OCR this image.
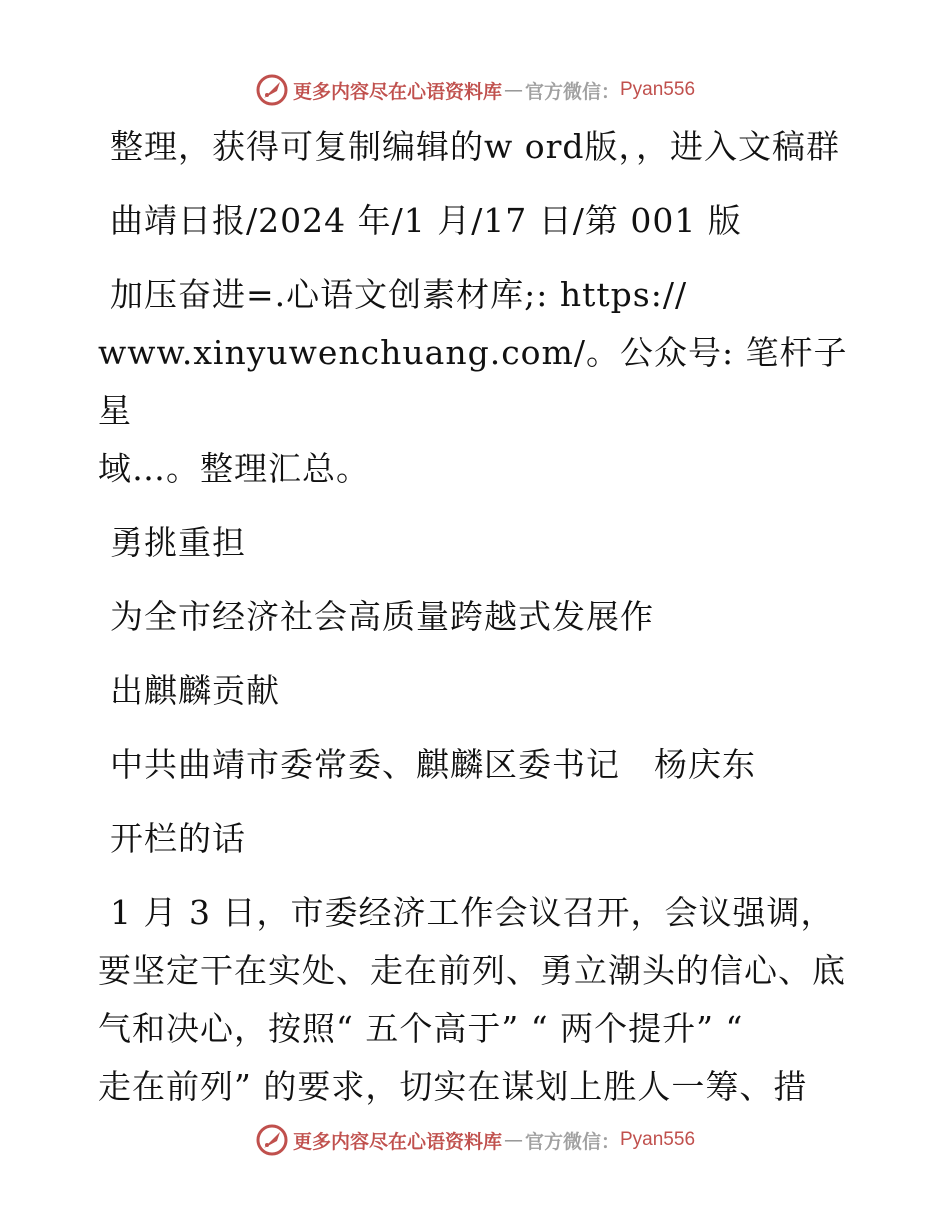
更多内容尽在心语资料库 — 官方微信： Pyan556

整理，获得可复制编辑的w ord版，，进入文稿群

曲靖日报/2024 年/1 月/17 日/第 001 版

加压奋进=.心语文创素材库;: https://

www.xinyuwenchuang.com/。公众号: 笔杆子星

域…。整理汇总。

勇挑重担

为全市经济社会高质量跨越式发展作

出麒麟贡献

中共曲靖市委常委、麒麟区委书记　杨庆东

开栏的话

1 月 3 日，市委经济工作会议召开，会议强调，

要坚定干在实处、走在前列、勇立潮头的信心、底

气和决心，按照“ 五个高于” “ 两个提升” “

走在前列” 的要求，切实在谋划上胜人一筹、措

更多内容尽在心语资料库 — 官方微信： Pyan556
